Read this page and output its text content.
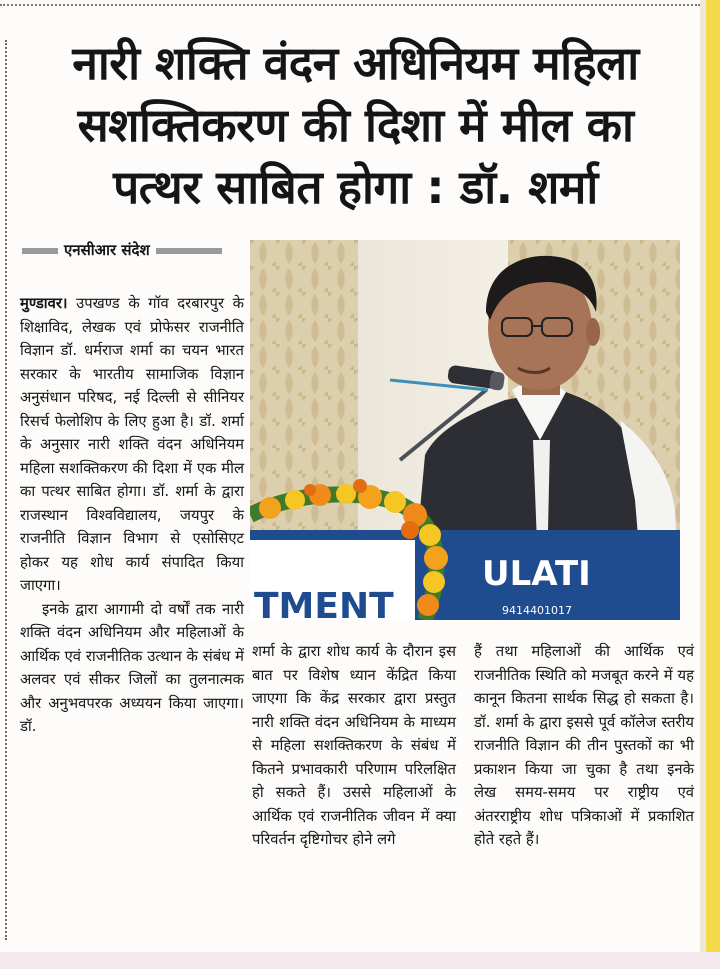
नारी शक्ति वंदन अधिनियम महिला
सशक्तिकरण की दिशा में मील का
पत्थर साबित होगा : डॉ. शर्मा
एनसीआर संदेश

मुण्डावर। उपखण्ड के गॉव दरबारपुर के शिक्षाविद, लेखक एवं प्रोफेसर राजनीति विज्ञान डॉ. धर्मराज शर्मा का चयन भारत सरकार के भारतीय सामाजिक विज्ञान अनुसंधान परिषद, नई दिल्ली से सीनियर रिसर्च फेलोशिप के लिए हुआ है। डॉ. शर्मा के अनुसार नारी शक्ति वंदन अधिनियम महिला सशक्तिकरण की दिशा में एक मील का पत्थर साबित होगा। डॉ. शर्मा के द्वारा राजस्थान विश्वविद्यालय, जयपुर के राजनीति विज्ञान विभाग से एसोसिएट होकर यह शोध कार्य संपादित किया जाएगा।

इनके द्वारा आगामी दो वर्षों तक नारी शक्ति वंदन अधिनियम और महिलाओं के आर्थिक एवं राजनीतिक उत्थान के संबंध में अलवर एवं सीकर जिलों का तुलनात्मक और अनुभवपरक अध्ययन किया जाएगा। डॉ.

शर्मा के द्वारा शोध कार्य के दौरान इस बात पर विशेष ध्यान केंद्रित किया जाएगा कि केंद्र सरकार द्वारा प्रस्तुत नारी शक्ति वंदन अधिनियम के माध्यम से महिला सशक्तिकरण के संबंध में कितने प्रभावकारी परिणाम परिलक्षित हो सकते हैं। उससे महिलाओं के आर्थिक एवं राजनीतिक जीवन में क्या परिवर्तन दृष्टिगोचर होने लगे

हैं तथा महिलाओं की आर्थिक एवं राजनीतिक स्थिति को मजबूत करने में यह कानून कितना सार्थक सिद्ध हो सकता है। डॉ. शर्मा के द्वारा इससे पूर्व कॉलेज स्तरीय राजनीति विज्ञान की तीन पुस्तकों का भी प्रकाशन किया जा चुका है तथा इनके लेख समय-समय पर राष्ट्रीय एवं अंतरराष्ट्रीय शोध पत्रिकाओं में प्रकाशित होते रहते हैं।

TMENT
ULATI
9414401017
